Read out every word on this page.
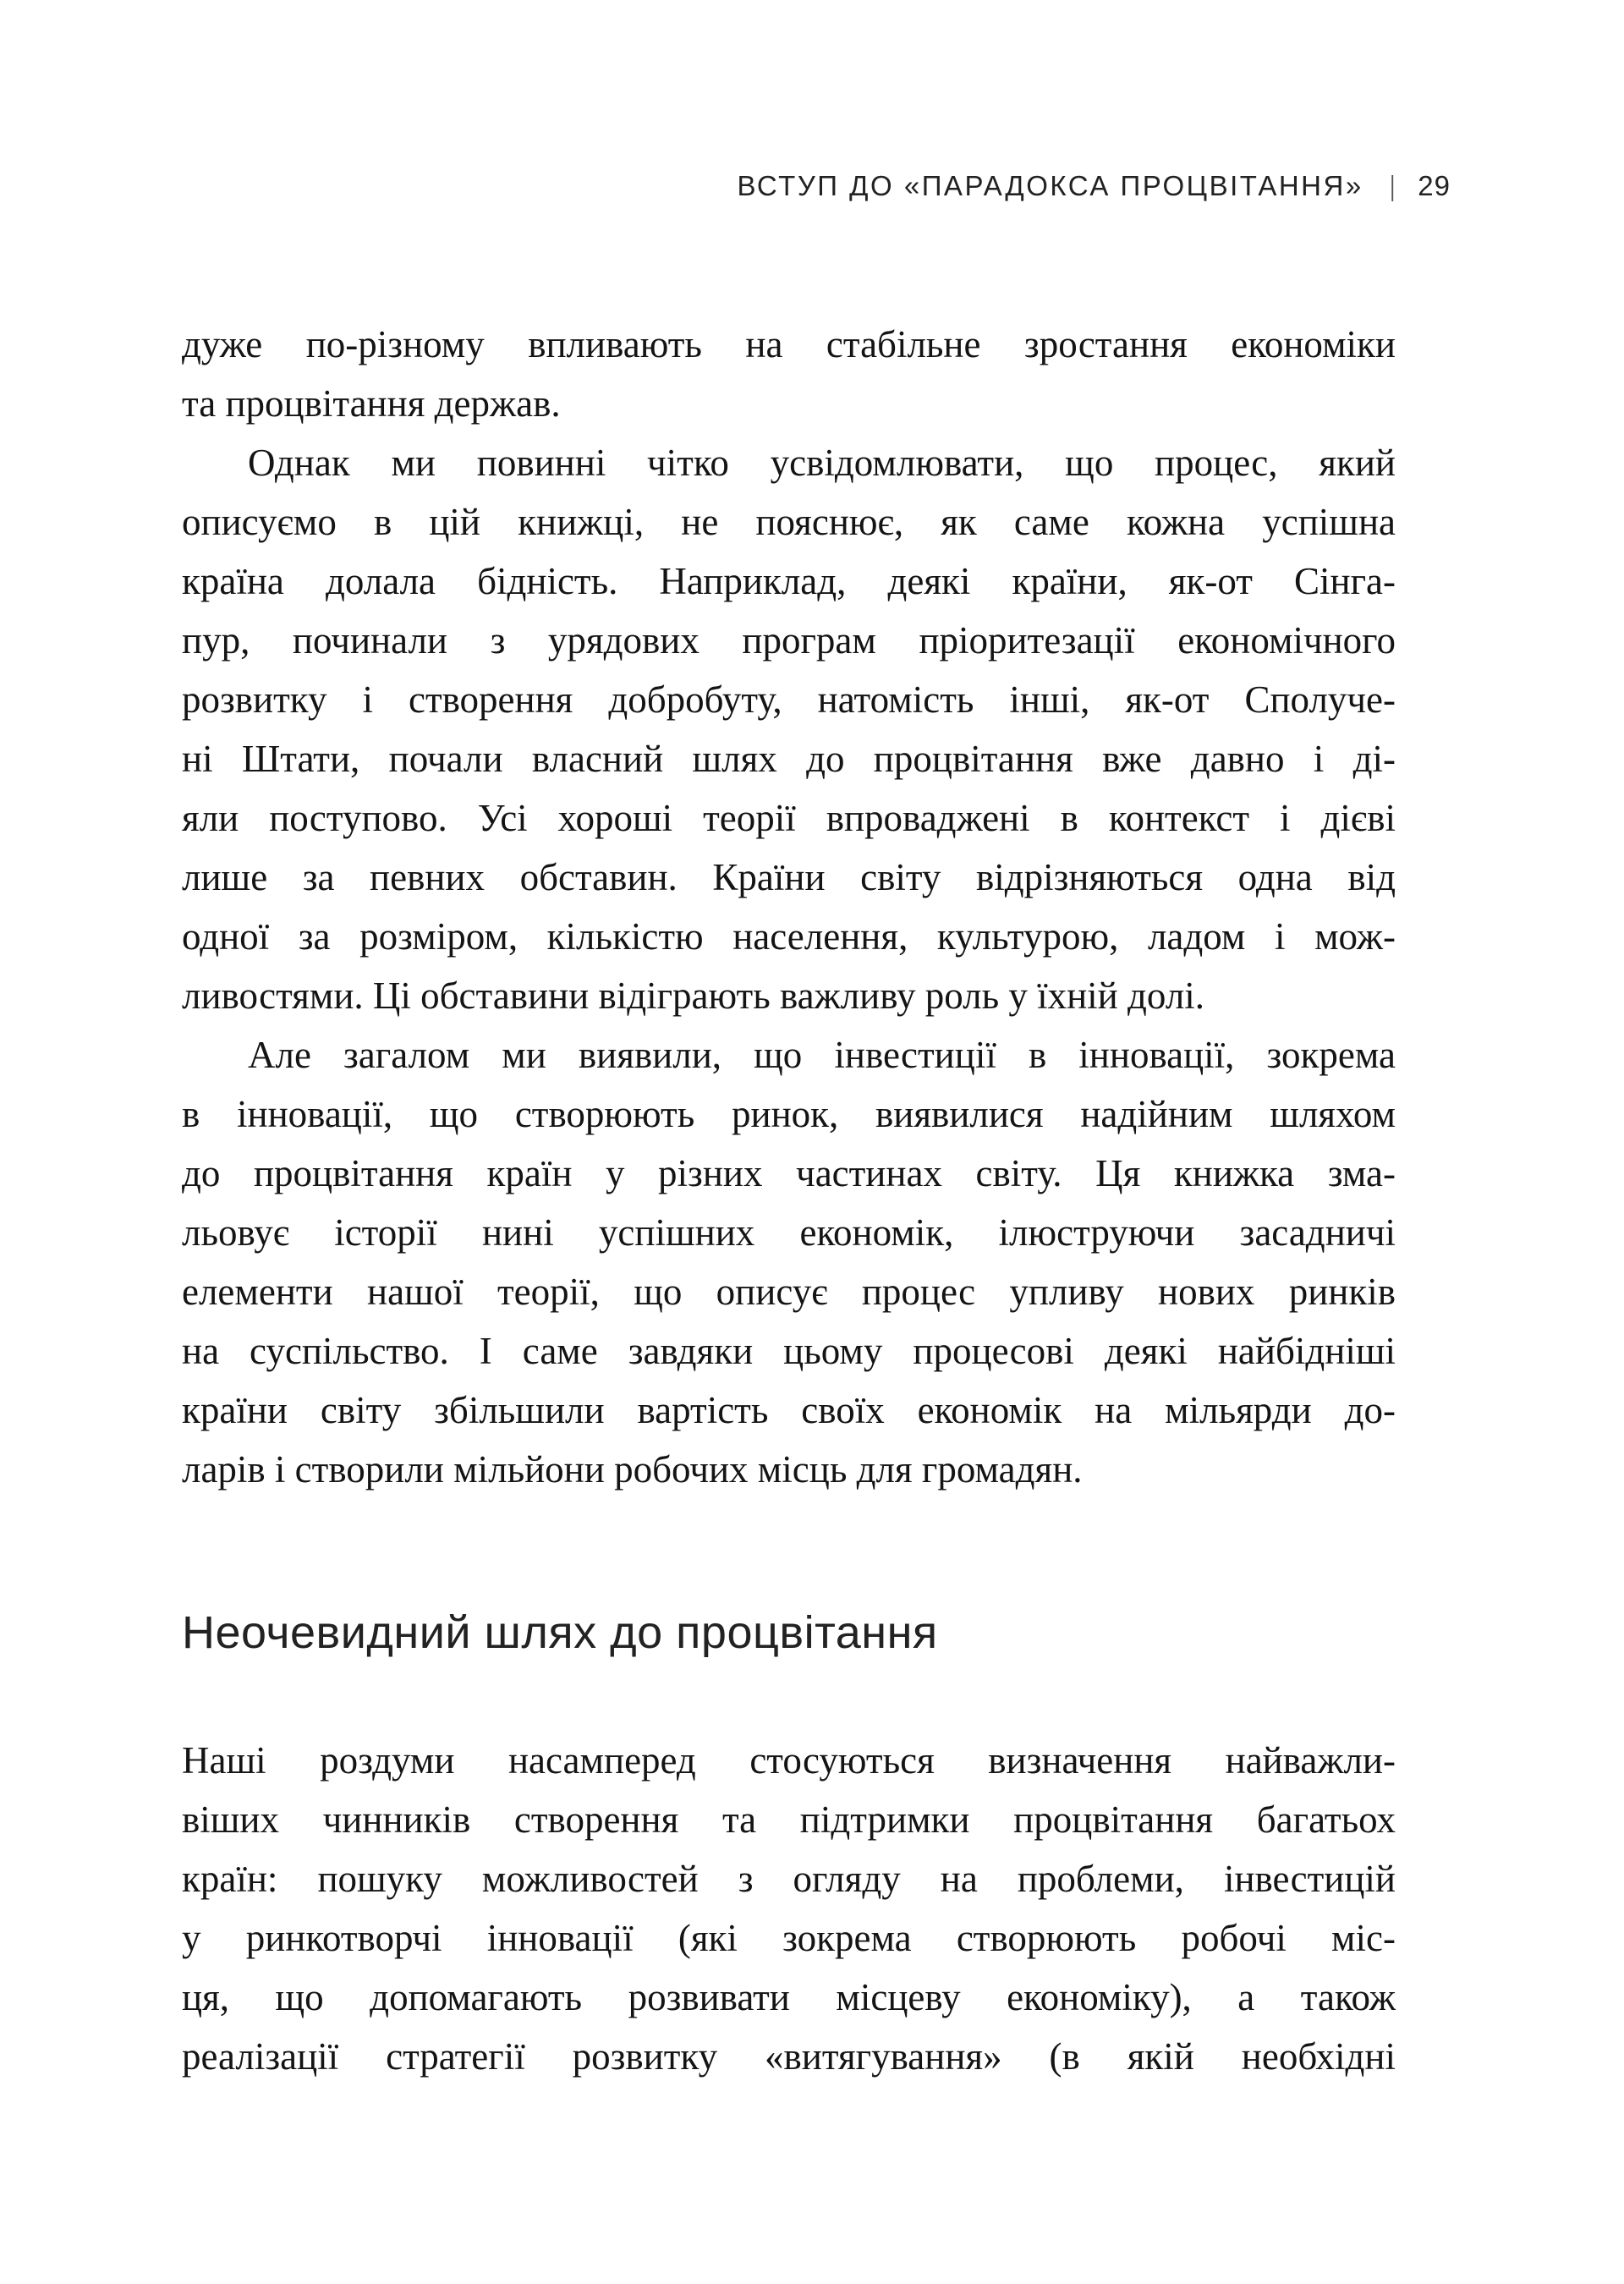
ВСТУП ДО «ПАРАДОКСА ПРОЦВІТАННЯ» | 29
дуже по-різному впливають на стабільне зростання економіки
та процвітання держав.
Однак ми повинні чітко усвідомлювати, що процес, який
описуємо в цій книжці, не пояснює, як саме кожна успішна
країна долала бідність. Наприклад, деякі країни, як-от Сінга-
пур, починали з урядових програм пріоритезації економічного
розвитку і створення добробуту, натомість інші, як-от Сполуче-
ні Штати, почали власний шлях до процвітання вже давно і ді-
яли поступово. Усі хороші теорії впроваджені в контекст і дієві
лише за певних обставин. Країни світу відрізняються одна від
одної за розміром, кількістю населення, культурою, ладом і мож-
ливостями. Ці обставини відіграють важливу роль у їхній долі.
Але загалом ми виявили, що інвестиції в інновації, зокрема
в інновації, що створюють ринок, виявилися надійним шляхом
до процвітання країн у різних частинах світу. Ця книжка зма-
льовує історії нині успішних економік, ілюструючи засадничі
елементи нашої теорії, що описує процес упливу нових ринків
на суспільство. І саме завдяки цьому процесові деякі найбідніші
країни світу збільшили вартість своїх економік на мільярди до-
ларів і створили мільйони робочих місць для громадян.
Неочевидний шлях до процвітання
Наші роздуми насамперед стосуються визначення найважли-
віших чинників створення та підтримки процвітання багатьох
країн: пошуку можливостей з огляду на проблеми, інвестицій
у ринкотворчі інновації (які зокрема створюють робочі міс-
ця, що допомагають розвивати місцеву економіку), а також
реалізації стратегії розвитку «витягування» (в якій необхідні
